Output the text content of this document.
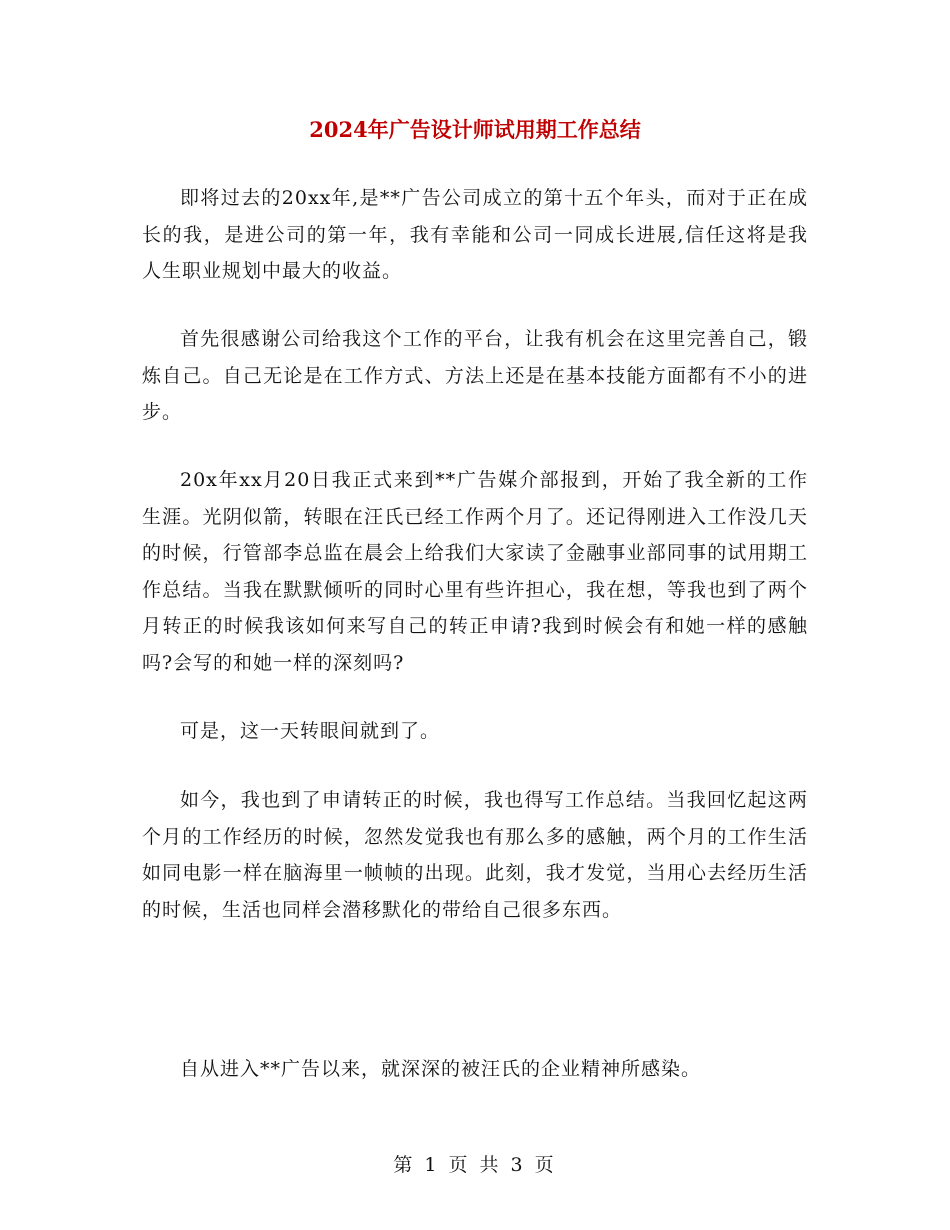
2024年广告设计师试用期工作总结

即将过去的20xx年,是**广告公司成立的第十五个年头，而对于正在成长的我，是进公司的第一年，我有幸能和公司一同成长进展,信任这将是我人生职业规划中最大的收益。

首先很感谢公司给我这个工作的平台，让我有机会在这里完善自己，锻炼自己。自己无论是在工作方式、方法上还是在基本技能方面都有不小的进步。

20x年xx月20日我正式来到**广告媒介部报到，开始了我全新的工作生涯。光阴似箭，转眼在汪氏已经工作两个月了。还记得刚进入工作没几天的时候，行管部李总监在晨会上给我们大家读了金融事业部同事的试用期工作总结。当我在默默倾听的同时心里有些许担心，我在想，等我也到了两个月转正的时候我该如何来写自己的转正申请?我到时候会有和她一样的感触吗?会写的和她一样的深刻吗?

可是，这一天转眼间就到了。

如今，我也到了申请转正的时候，我也得写工作总结。当我回忆起这两个月的工作经历的时候，忽然发觉我也有那么多的感触，两个月的工作生活如同电影一样在脑海里一帧帧的出现。此刻，我才发觉，当用心去经历生活的时候，生活也同样会潜移默化的带给自己很多东西。

自从进入**广告以来，就深深的被汪氏的企业精神所感染。

第 1 页 共 3 页
